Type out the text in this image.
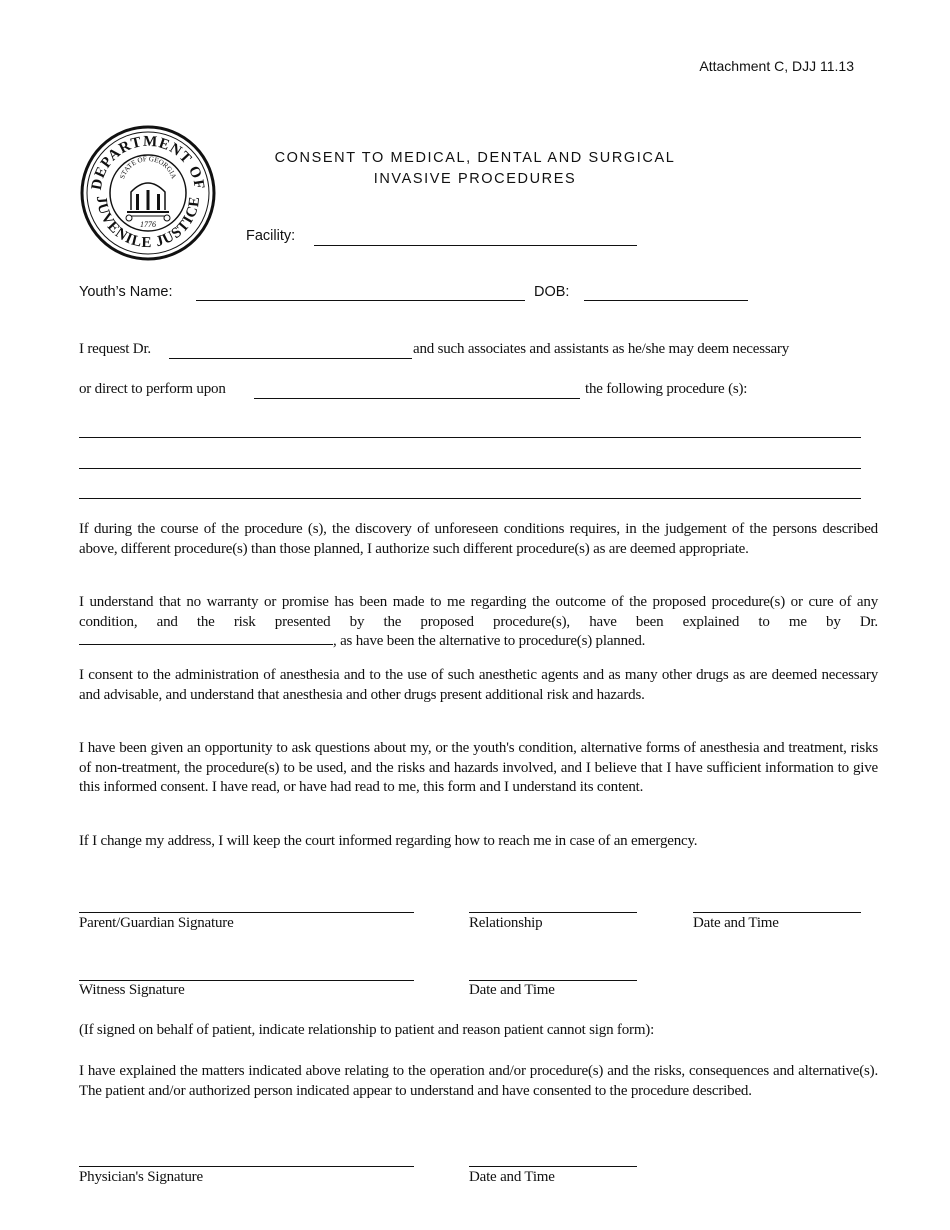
Attachment C, DJJ 11.13
DEPARTMENT OF
JUVENILE JUSTICE
STATE OF GEORGIA
1776
CONSENT TO MEDICAL, DENTAL AND SURGICAL
INVASIVE PROCEDURES
Facility:
Youth’s Name:	DOB:
I request Dr.	and such associates and assistants as he/she may deem necessary
or direct to perform upon	the following procedure (s):

If during the course of the procedure (s), the discovery of unforeseen conditions requires, in the judgement of the persons described above, different procedure(s) than those planned, I authorize such different procedure(s) as are deemed appropriate.

I understand that no warranty or promise has been made to me regarding the outcome of the proposed procedure(s) or cure of any condition, and the risk presented by the proposed procedure(s), have been explained to me by Dr. , as have been the alternative to procedure(s) planned.

I consent to the administration of anesthesia and to the use of such anesthetic agents and as many other drugs as are deemed necessary and advisable, and understand that anesthesia and other drugs present additional risk and hazards.

I have been given an opportunity to ask questions about my, or the youth's condition, alternative forms of anesthesia and treatment, risks of non-treatment, the procedure(s) to be used, and the risks and hazards involved, and I believe that I have sufficient information to give this informed consent. I have read, or have had read to me, this form and I understand its content.

If I change my address, I will keep the court informed regarding how to reach me in case of an emergency.

Parent/Guardian Signature	Relationship	Date and Time
Witness Signature	Date and Time

(If signed on behalf of patient, indicate relationship to patient and reason patient cannot sign form):

I have explained the matters indicated above relating to the operation and/or procedure(s) and the risks, consequences and alternative(s). The patient and/or authorized person indicated appear to understand and have consented to the procedure described.

Physician's Signature	Date and Time
